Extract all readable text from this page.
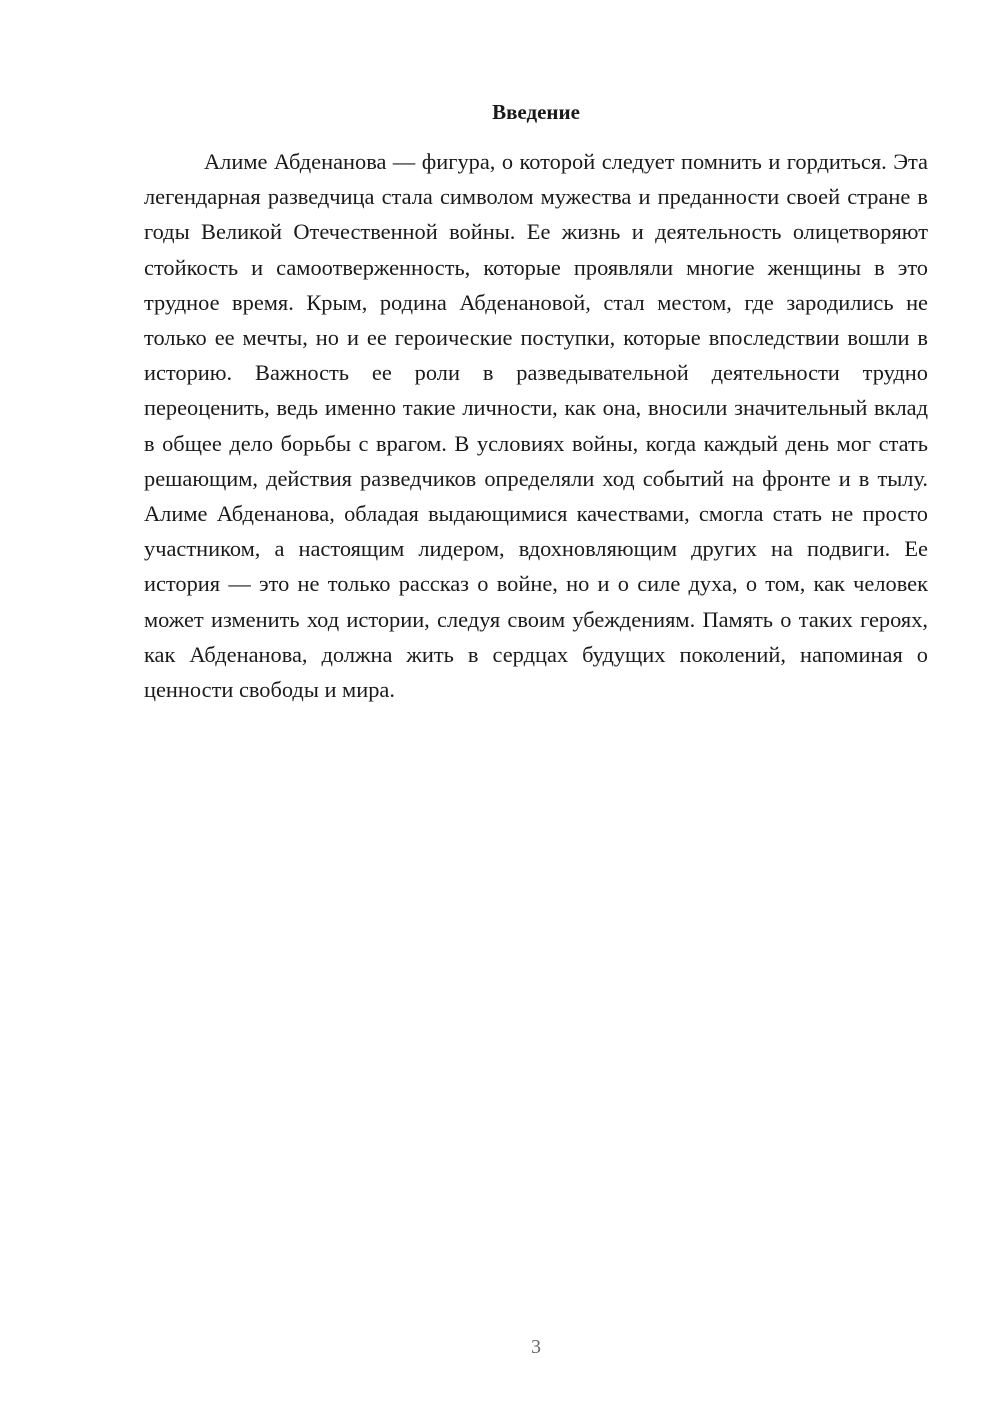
Введение

Алиме Абденанова — фигура, о которой следует помнить и гордиться. Эта легендарная разведчица стала символом мужества и преданности своей стране в годы Великой Отечественной войны. Ее жизнь и деятельность олицетворяют стойкость и самоотверженность, которые проявляли многие женщины в это трудное время. Крым, родина Абденановой, стал местом, где зародились не только ее мечты, но и ее героические поступки, которые впоследствии вошли в историю. Важность ее роли в разведывательной деятельности трудно переоценить, ведь именно такие личности, как она, вносили значительный вклад в общее дело борьбы с врагом. В условиях войны, когда каждый день мог стать решающим, действия разведчиков определяли ход событий на фронте и в тылу. Алиме Абденанова, обладая выдающимися качествами, смогла стать не просто участником, а настоящим лидером, вдохновляющим других на подвиги. Ее история — это не только рассказ о войне, но и о силе духа, о том, как человек может изменить ход истории, следуя своим убеждениям. Память о таких героях, как Абденанова, должна жить в сердцах будущих поколений, напоминая о ценности свободы и мира.

3
